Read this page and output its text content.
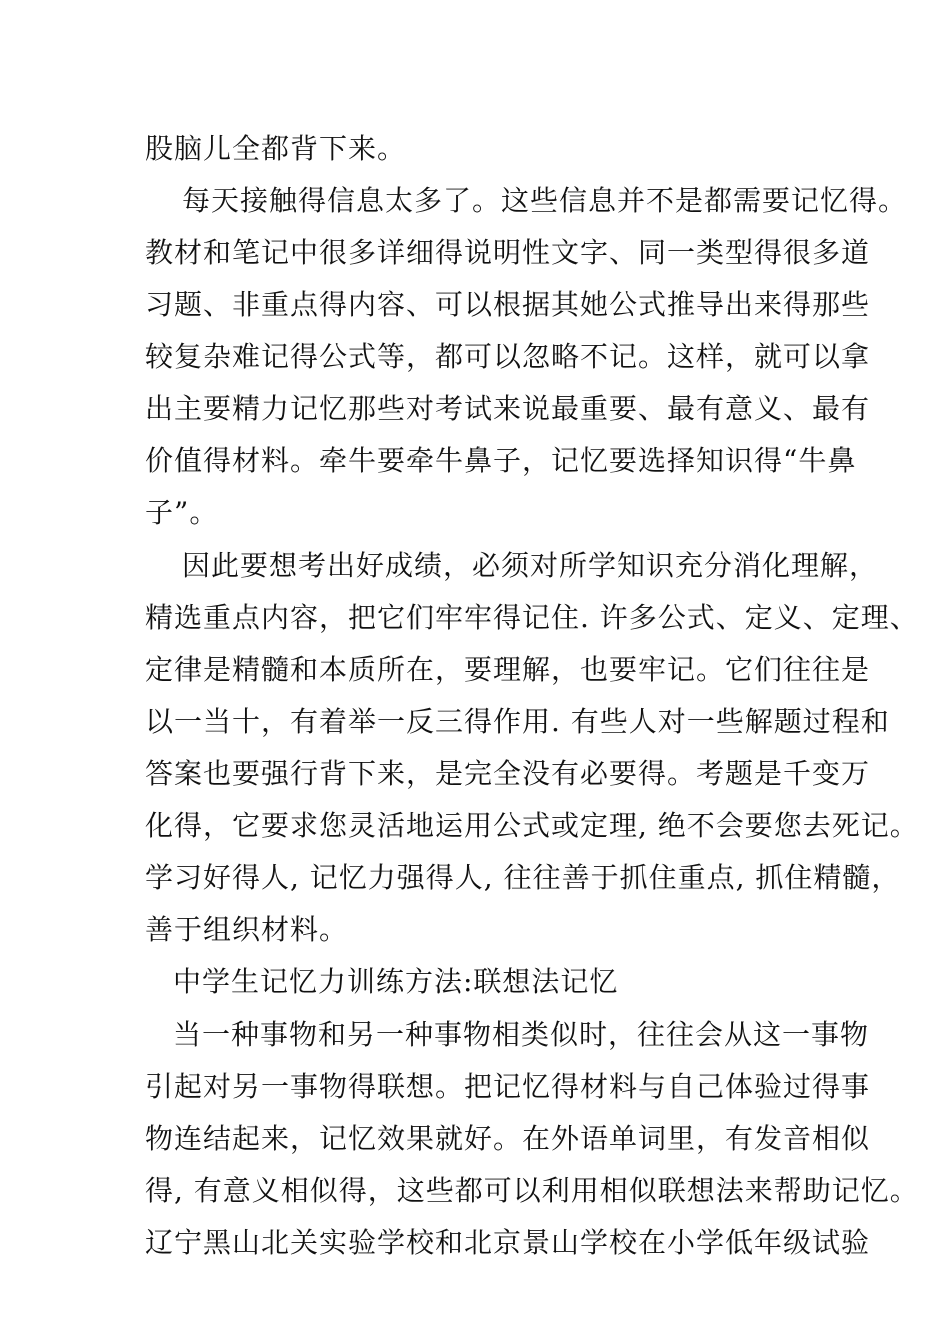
股脑儿全都背下来。
每天接触得信息太多了。这些信息并不是都需要记忆得。
教材和笔记中很多详细得说明性文字、同一类型得很多道
习题、非重点得内容、可以根据其她公式推导出来得那些
较复杂难记得公式等，都可以忽略不记。这样，就可以拿
出主要精力记忆那些对考试来说最重要、最有意义、最有
价值得材料。牵牛要牵牛鼻子，记忆要选择知识得“牛鼻
子”。
因此要想考出好成绩，必须对所学知识充分消化理解，
精选重点内容，把它们牢牢得记住. 许多公式、定义、定理、
定律是精髓和本质所在，要理解，也要牢记。它们往往是
以一当十，有着举一反三得作用. 有些人对一些解题过程和
答案也要强行背下来，是完全没有必要得。考题是千变万
化得，它要求您灵活地运用公式或定理, 绝不会要您去死记。
学习好得人, 记忆力强得人, 往往善于抓住重点, 抓住精髓，
善于组织材料。
中学生记忆力训练方法:联想法记忆
当一种事物和另一种事物相类似时，往往会从这一事物
引起对另一事物得联想。把记忆得材料与自己体验过得事
物连结起来，记忆效果就好。在外语单词里，有发音相似
得, 有意义相似得，这些都可以利用相似联想法来帮助记忆。
辽宁黑山北关实验学校和北京景山学校在小学低年级试验
